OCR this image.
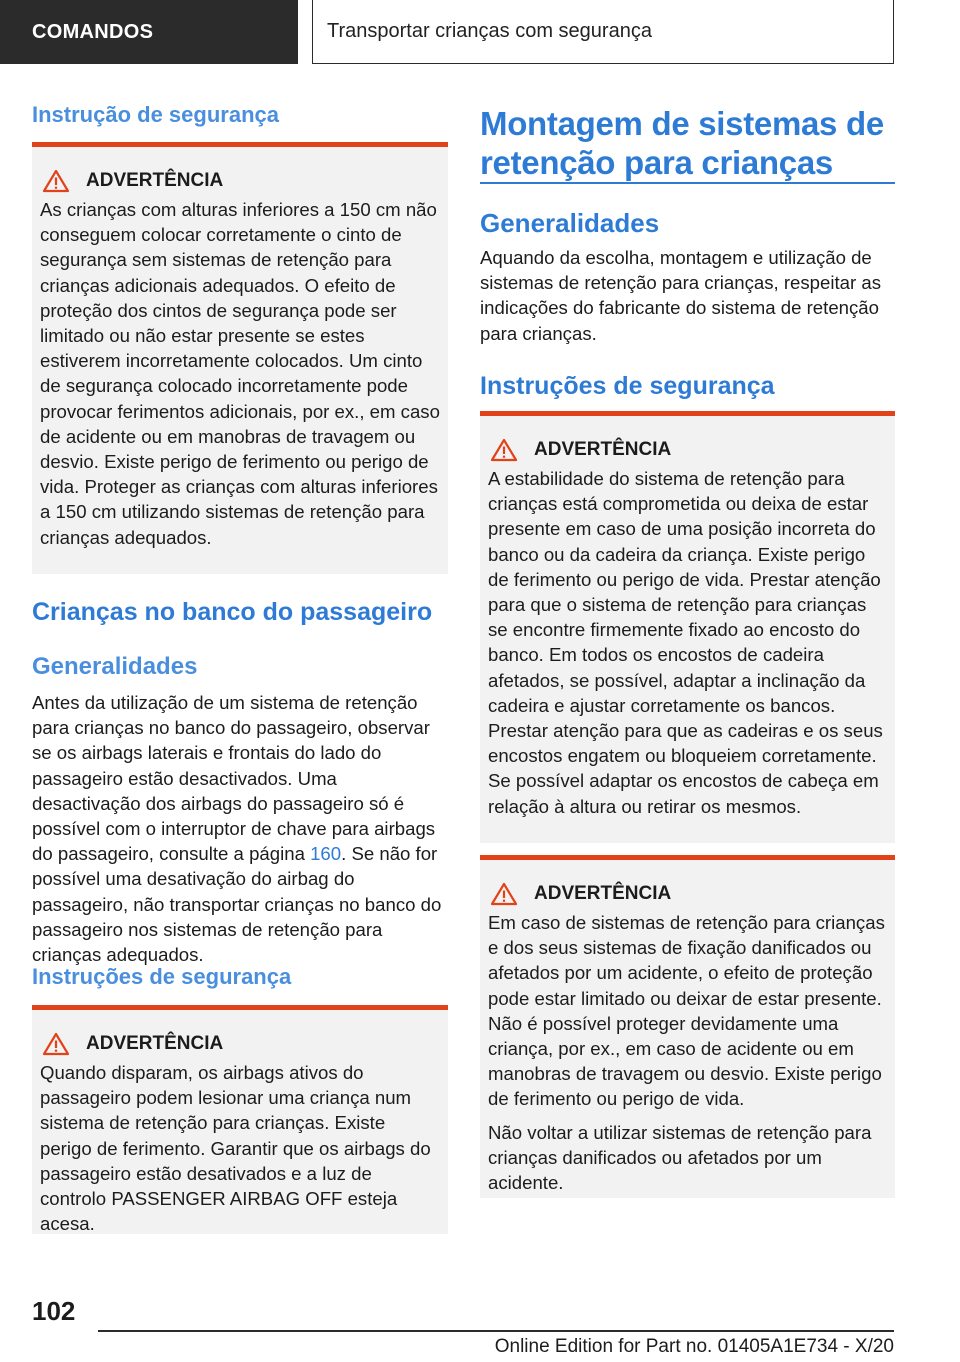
COMANDOS	Transportar crianças com segurança
Instrução de segurança
ADVERTÊNCIA

As crianças com alturas inferiores a 150 cm não conseguem colocar corretamente o cinto de segurança sem sistemas de retenção para crianças adicionais adequados. O efeito de proteção dos cintos de segurança pode ser limitado ou não estar presente se estes estiverem incorretamente colocados. Um cinto de segurança colocado incorretamente pode provocar ferimentos adicionais, por ex., em caso de acidente ou em manobras de travagem ou desvio. Existe perigo de ferimento ou perigo de vida. Proteger as crianças com alturas inferiores a 150 cm utilizando sistemas de retenção para crianças adequados.

Crianças no banco do passageiro
Generalidades

Antes da utilização de um sistema de retenção para crianças no banco do passageiro, observar se os airbags laterais e frontais do lado do passageiro estão desactivados. Uma desactivação dos airbags do passageiro só é possível com o interruptor de chave para airbags do passageiro, consulte a página 160. Se não for possível uma desativação do airbag do passageiro, não transportar crianças no banco do passageiro nos sistemas de retenção para crianças adequados.

Instruções de segurança
ADVERTÊNCIA

Quando disparam, os airbags ativos do passageiro podem lesionar uma criança num sistema de retenção para crianças. Existe perigo de ferimento. Garantir que os airbags do passageiro estão desativados e a luz de controlo PASSENGER AIRBAG OFF esteja acesa.

Montagem de sistemas de retenção para crianças
Generalidades

Aquando da escolha, montagem e utilização de sistemas de retenção para crianças, respeitar as indicações do fabricante do sistema de retenção para crianças.

Instruções de segurança
ADVERTÊNCIA

A estabilidade do sistema de retenção para crianças está comprometida ou deixa de estar presente em caso de uma posição incorreta do banco ou da cadeira da criança. Existe perigo de ferimento ou perigo de vida. Prestar atenção para que o sistema de retenção para crianças se encontre firmemente fixado ao encosto do banco. Em todos os encostos de cadeira afetados, se possível, adaptar a inclinação da cadeira e ajustar corretamente os bancos. Prestar atenção para que as cadeiras e os seus encostos engatem ou bloqueiem corretamente. Se possível adaptar os encostos de cabeça em relação à altura ou retirar os mesmos.

ADVERTÊNCIA

Em caso de sistemas de retenção para crianças e dos seus sistemas de fixação danificados ou afetados por um acidente, o efeito de proteção pode estar limitado ou deixar de estar presente. Não é possível proteger devidamente uma criança, por ex., em caso de acidente ou em manobras de travagem ou desvio. Existe perigo de ferimento ou perigo de vida.

Não voltar a utilizar sistemas de retenção para crianças danificados ou afetados por um acidente.

102
Online Edition for Part no. 01405A1E734 - X/20
